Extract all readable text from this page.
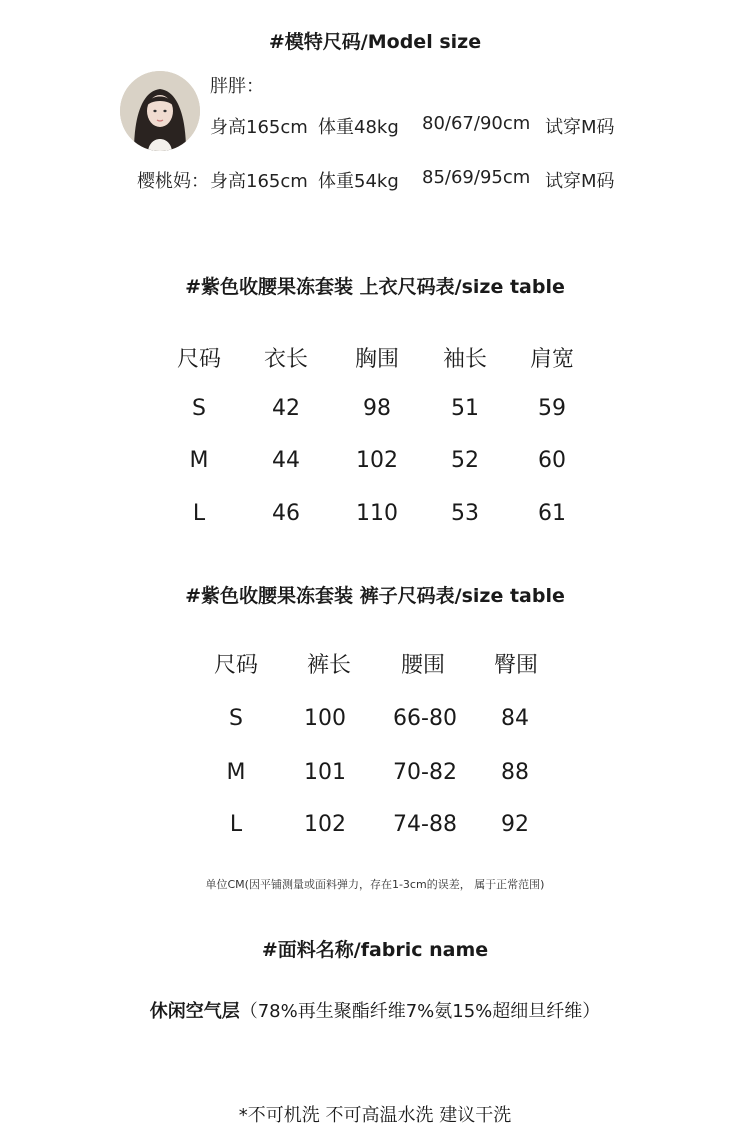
#模特尺码/Model size
胖胖：
身高165cm 体重48kg 80/67/90cm 试穿M码
樱桃妈： 身高165cm 体重54kg 85/69/95cm 试穿M码
#紫色收腰果冻套装 上衣尺码表/size table
尺码	衣长	胸围	袖长	肩宽
S	42	98	51	59
M	44	102	52	60
L	46	110	53	61
#紫色收腰果冻套装 裤子尺码表/size table
尺码	裤长	腰围	臀围
S	100	66-80	84
M	101	70-82	88
L	102	74-88	92
单位CM(因平铺测量或面料弹力，存在1-3cm的误差， 属于正常范围)
#面料名称/fabric name
休闲空气层（78%再生聚酯纤维7%氨15%超细旦纤维）
*不可机洗 不可高温水洗 建议干洗
